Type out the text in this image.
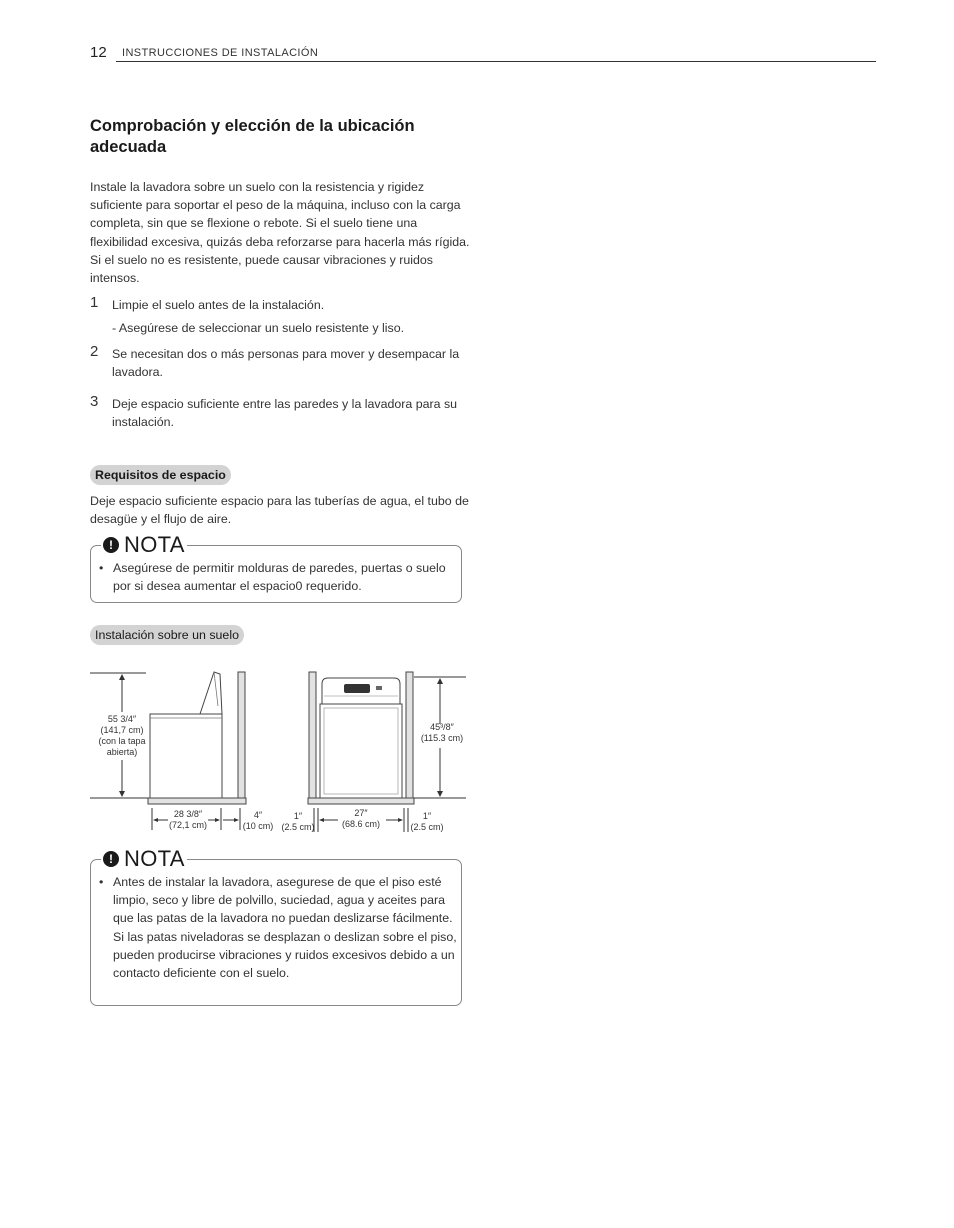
12 INSTRUCCIONES DE INSTALACIÓN
Comprobación y elección de la ubicación adecuada
Instale la lavadora sobre un suelo con la resistencia y rigidez suficiente para soportar el peso de la máquina, incluso con la carga completa, sin que se flexione o rebote. Si el suelo tiene una flexibilidad excesiva, quizás deba reforzarse para hacerla más rígida. Si el suelo no es resistente, puede causar vibraciones y ruidos intensos.
1 Limpie el suelo antes de la instalación.
- Asegúrese de seleccionar un suelo resistente y liso.
2 Se necesitan dos o más personas para mover y desempacar la lavadora.
3 Deje espacio suficiente entre las paredes y la lavadora para su instalación.
Requisitos de espacio
Deje espacio suficiente espacio para las tuberías de agua, el tubo de desagüe y el flujo de aire.
! NOTA
• Asegúrese de permitir molduras de paredes, puertas o suelo por si desea aumentar el espacio0 requerido.
Instalación sobre un suelo
55 3/4″
(141,7 cm)
(con la tapa
abierta)
28 3/8″
(72,1 cm)
4″
(10 cm)
1″
(2.5 cm)
27″
(68.6 cm)
1″
(2.5 cm)
45³/8″
(115.3 cm)
! NOTA
• Antes de instalar la lavadora, asegurese de que el piso esté limpio, seco y libre de polvillo, suciedad, agua y aceites para que las patas de la lavadora no puedan deslizarse fácilmente. Si las patas niveladoras se desplazan o deslizan sobre el piso, pueden producirse vibraciones y ruidos excesivos debido a un contacto deficiente con el suelo.
